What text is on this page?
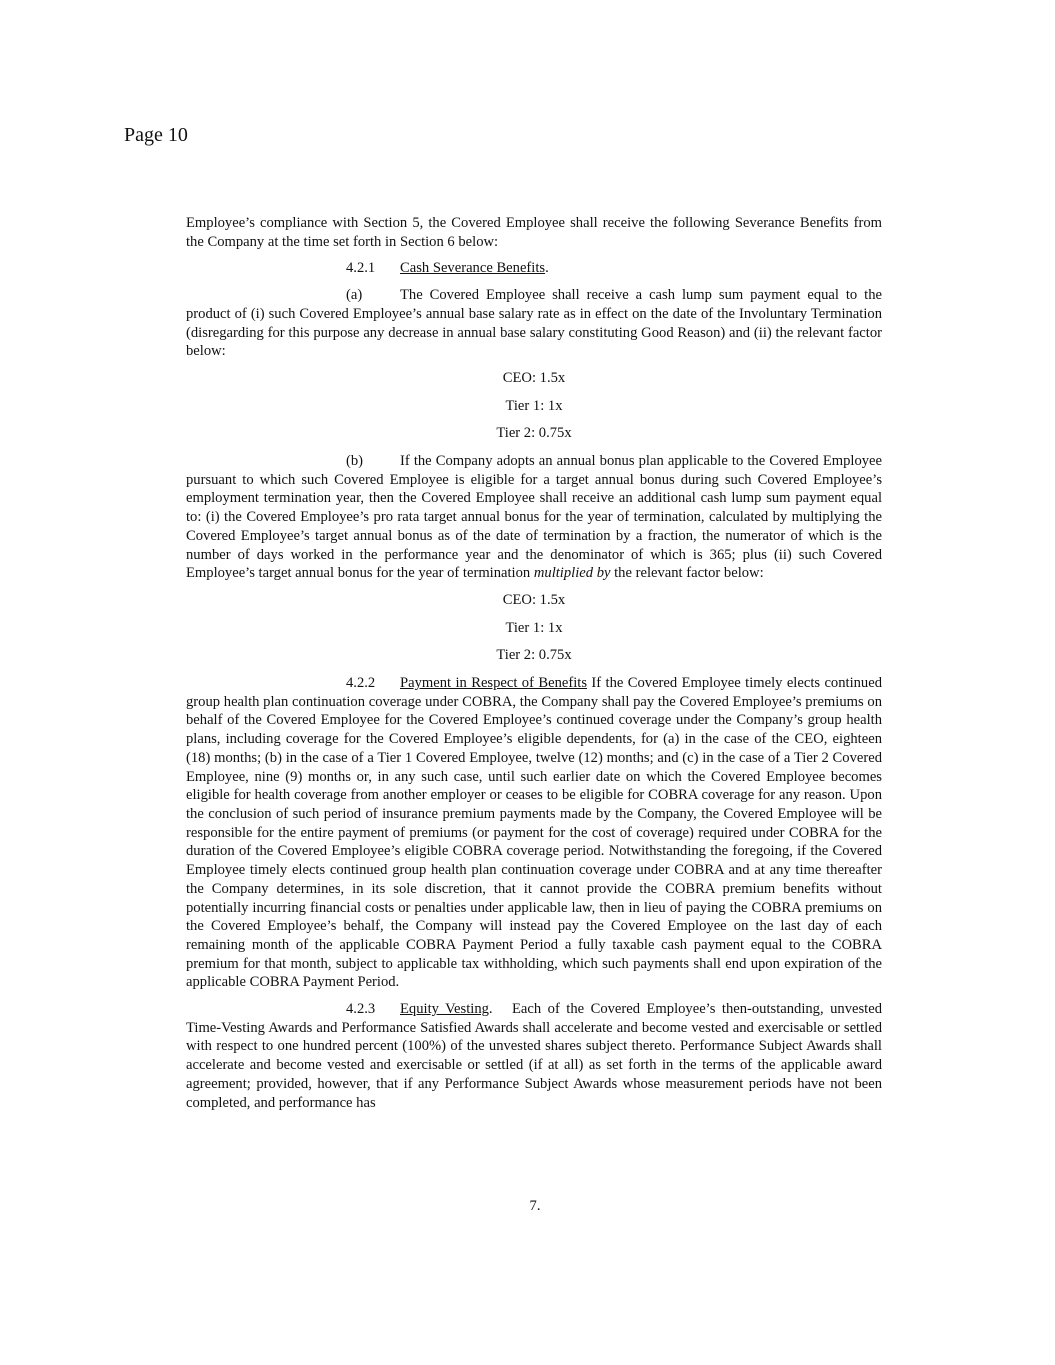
Page 10

Employee’s compliance with Section 5, the Covered Employee shall receive the following Severance Benefits from the Company at the time set forth in Section 6 below:

4.2.1 Cash Severance Benefits.

(a)	The Covered Employee shall receive a cash lump sum payment equal to the product of (i) such Covered Employee’s annual base salary rate as in effect on the date of the Involuntary Termination (disregarding for this purpose any decrease in annual base salary constituting Good Reason) and (ii) the relevant factor below:

CEO: 1.5x

Tier 1: 1x

Tier 2: 0.75x

(b)	If the Company adopts an annual bonus plan applicable to the Covered Employee pursuant to which such Covered Employee is eligible for a target annual bonus during such Covered Employee’s employment termination year, then the Covered Employee shall receive an additional cash lump sum payment equal to: (i) the Covered Employee’s pro rata target annual bonus for the year of termination, calculated by multiplying the Covered Employee’s target annual bonus as of the date of termination by a fraction, the numerator of which is the number of days worked in the performance year and the denominator of which is 365; plus (ii) such Covered Employee’s target annual bonus for the year of termination multiplied by the relevant factor below:

CEO: 1.5x

Tier 1: 1x

Tier 2: 0.75x

4.2.2 Payment in Respect of Benefits If the Covered Employee timely elects continued group health plan continuation coverage under COBRA, the Company shall pay the Covered Employee’s premiums on behalf of the Covered Employee for the Covered Employee’s continued coverage under the Company’s group health plans, including coverage for the Covered Employee’s eligible dependents, for (a) in the case of the CEO, eighteen (18) months; (b) in the case of a Tier 1 Covered Employee, twelve (12) months; and (c) in the case of a Tier 2 Covered Employee, nine (9) months or, in any such case, until such earlier date on which the Covered Employee becomes eligible for health coverage from another employer or ceases to be eligible for COBRA coverage for any reason. Upon the conclusion of such period of insurance premium payments made by the Company, the Covered Employee will be responsible for the entire payment of premiums (or payment for the cost of coverage) required under COBRA for the duration of the Covered Employee’s eligible COBRA coverage period. Notwithstanding the foregoing, if the Covered Employee timely elects continued group health plan continuation coverage under COBRA and at any time thereafter the Company determines, in its sole discretion, that it cannot provide the COBRA premium benefits without potentially incurring financial costs or penalties under applicable law, then in lieu of paying the COBRA premiums on the Covered Employee’s behalf, the Company will instead pay the Covered Employee on the last day of each remaining month of the applicable COBRA Payment Period a fully taxable cash payment equal to the COBRA premium for that month, subject to applicable tax withholding, which such payments shall end upon expiration of the applicable COBRA Payment Period.

4.2.3 Equity Vesting. Each of the Covered Employee’s then-outstanding, unvested Time-Vesting Awards and Performance Satisfied Awards shall accelerate and become vested and exercisable or settled with respect to one hundred percent (100%) of the unvested shares subject thereto. Performance Subject Awards shall accelerate and become vested and exercisable or settled (if at all) as set forth in the terms of the applicable award agreement; provided, however, that if any Performance Subject Awards whose measurement periods have not been completed, and performance has

7.
